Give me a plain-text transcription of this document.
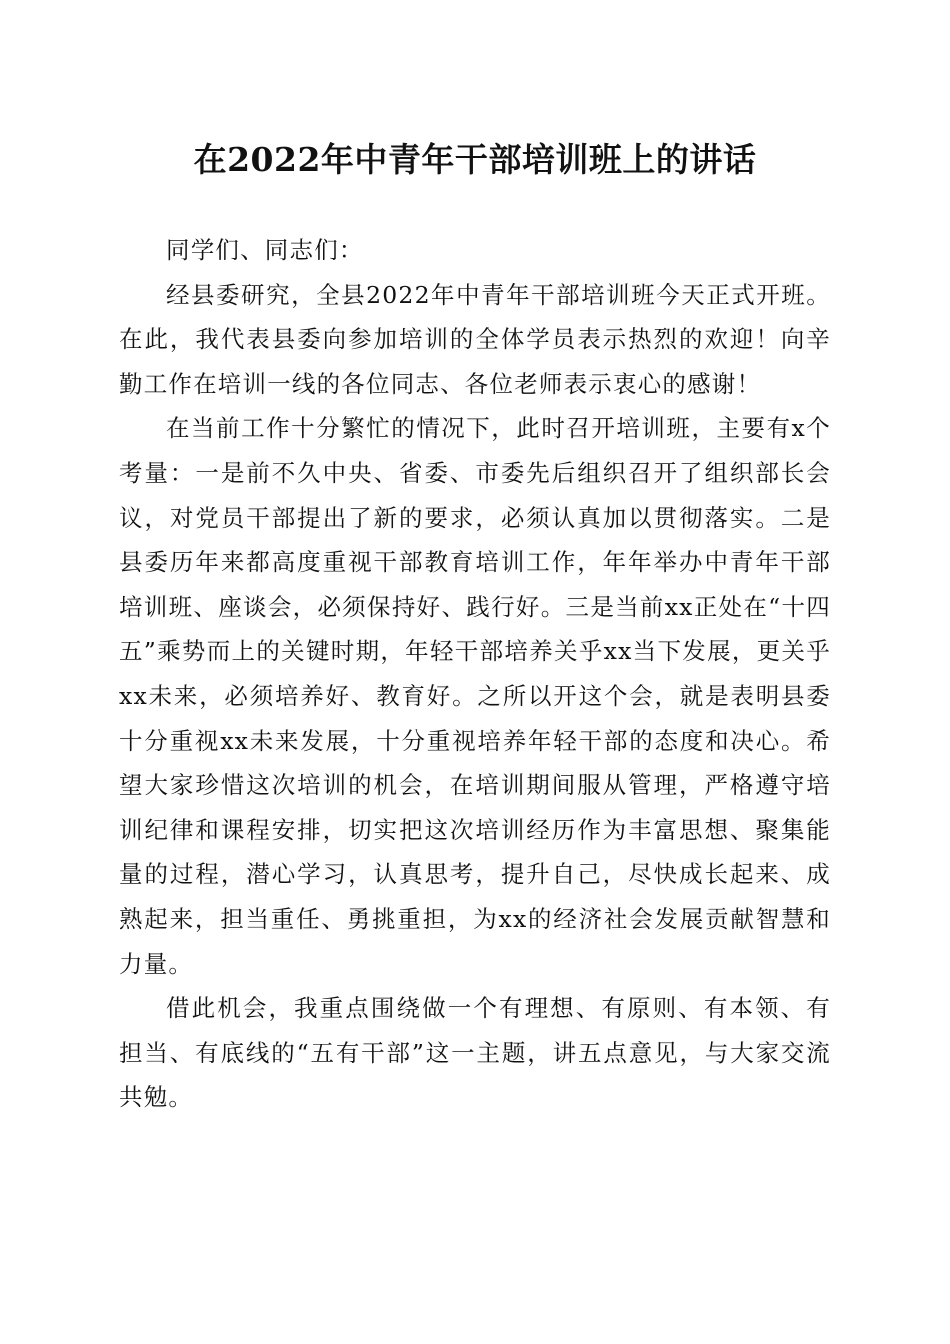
在2022年中青年干部培训班上的讲话

同学们、同志们：

经县委研究，全县2022年中青年干部培训班今天正式开班。在此，我代表县委向参加培训的全体学员表示热烈的欢迎！向辛勤工作在培训一线的各位同志、各位老师表示衷心的感谢！

在当前工作十分繁忙的情况下，此时召开培训班，主要有x个考量：一是前不久中央、省委、市委先后组织召开了组织部长会议，对党员干部提出了新的要求，必须认真加以贯彻落实。二是县委历年来都高度重视干部教育培训工作，年年举办中青年干部培训班、座谈会，必须保持好、践行好。三是当前xx正处在“十四五”乘势而上的关键时期，年轻干部培养关乎xx当下发展，更关乎xx未来，必须培养好、教育好。之所以开这个会，就是表明县委十分重视xx未来发展，十分重视培养年轻干部的态度和决心。希望大家珍惜这次培训的机会，在培训期间服从管理，严格遵守培训纪律和课程安排，切实把这次培训经历作为丰富思想、聚集能量的过程，潜心学习，认真思考，提升自己，尽快成长起来、成熟起来，担当重任、勇挑重担，为xx的经济社会发展贡献智慧和力量。

借此机会，我重点围绕做一个有理想、有原则、有本领、有担当、有底线的“五有干部”这一主题，讲五点意见，与大家交流共勉。
